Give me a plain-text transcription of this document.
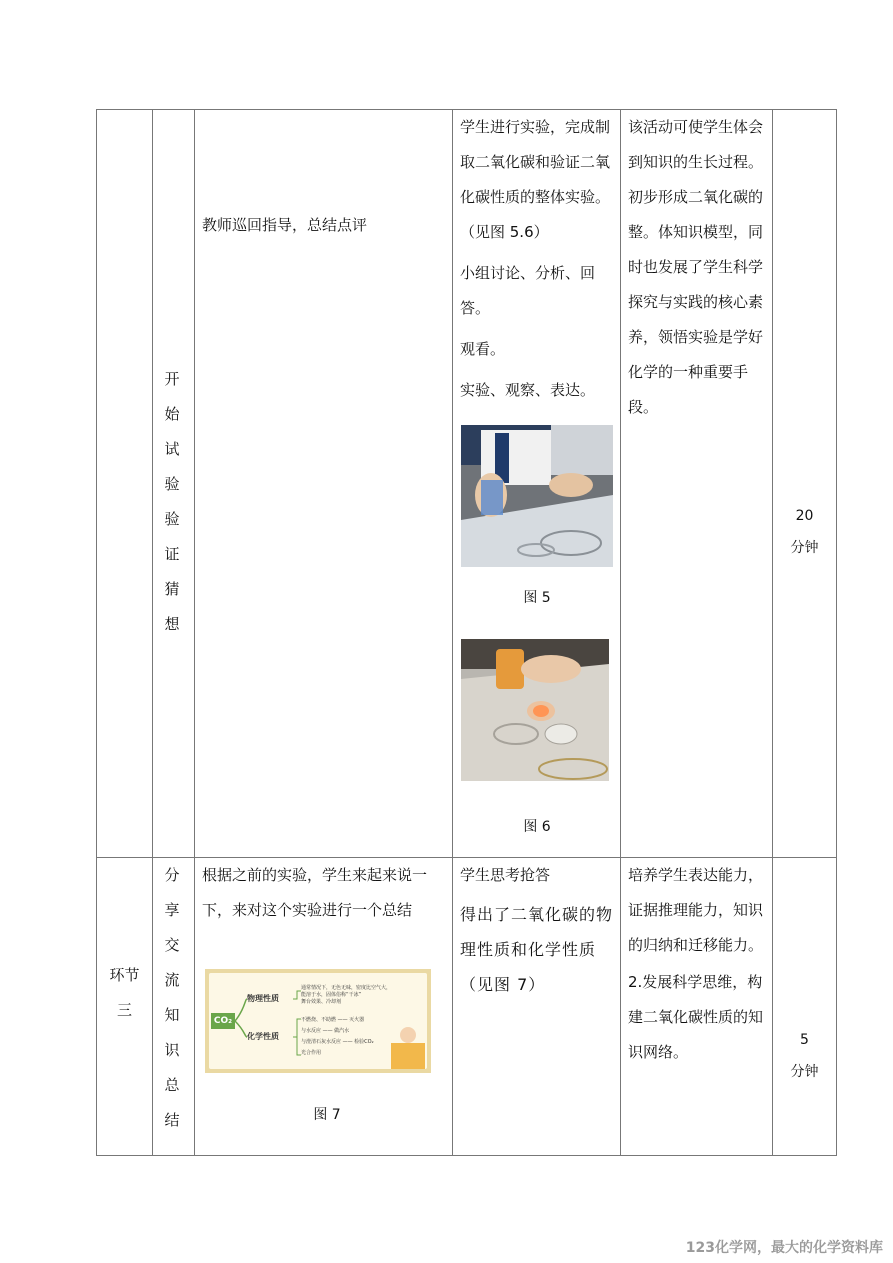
开
始
试
验
验
证
猜
想
教师巡回指导，总结点评

学生进行实验，完成制取二氧化碳和验证二氧化碳性质的整体实验。（见图 5.6）

小组讨论、分析、回答。

观看。

实验、观察、表达。

图 5
图 6
该活动可使学生体会到知识的生长过程。初步形成二氧化碳的整。体知识模型，同时也发展了学生科学探究与实践的核心素养，领悟实验是学好化学的一种重要手段。
20
分钟
环节
三
分
享
交
流
知
识
总
结
根据之前的实验，学生来起来说一下，来对这个实验进行一个总结
CO₂
物理性质
化学性质
通常情况下，无色无味，密度比空气大，
能溶于水，固体俗称“干冰”
舞台效果、冷却剂
不燃烧、不助燃 —— 灭火器
与水反应 —— 做汽水
与澄清石灰水反应 —— 检验CO₂
光合作用
图 7

学生思考抢答

得出了二氧化碳的物理性质和化学性质（见图 7）

培养学生表达能力，证据推理能力，知识的归纳和迁移能力。

2.发展科学思维，构建二氧化碳性质的知识网络。

5
分钟
123化学网，最大的化学资料库
